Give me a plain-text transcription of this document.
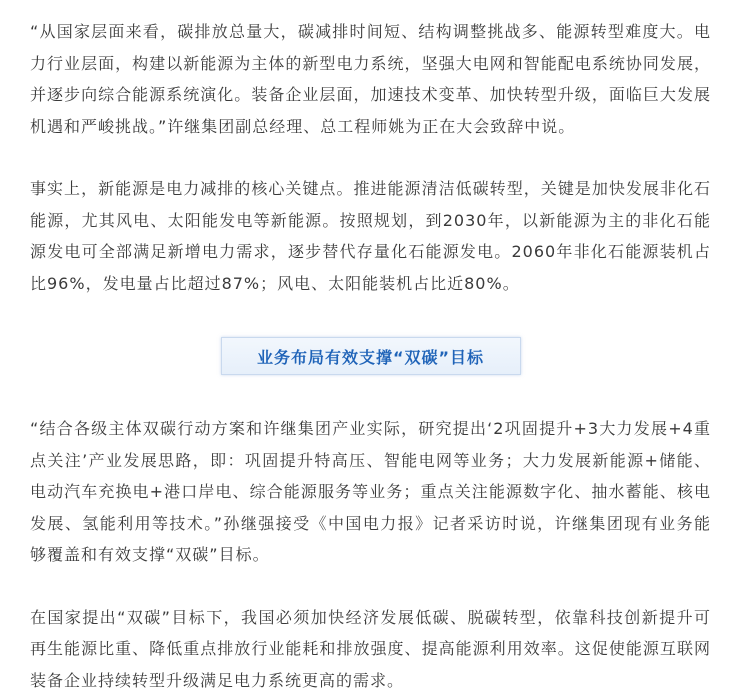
“从国家层面来看，碳排放总量大，碳减排时间短、结构调整挑战多、能源转型难度大。电力行业层面，构建以新能源为主体的新型电力系统，坚强大电网和智能配电系统协同发展，并逐步向综合能源系统演化。装备企业层面，加速技术变革、加快转型升级，面临巨大发展机遇和严峻挑战。”许继集团副总经理、总工程师姚为正在大会致辞中说。

事实上，新能源是电力减排的核心关键点。推进能源清洁低碳转型，关键是加快发展非化石能源，尤其风电、太阳能发电等新能源。按照规划，到2030年，以新能源为主的非化石能源发电可全部满足新增电力需求，逐步替代存量化石能源发电。2060年非化石能源装机占比96%，发电量占比超过87%；风电、太阳能装机占比近80%。

业务布局有效支撑“双碳”目标

“结合各级主体双碳行动方案和许继集团产业实际，研究提出‘2巩固提升+3大力发展+4重点关注’产业发展思路，即：巩固提升特高压、智能电网等业务；大力发展新能源+储能、电动汽车充换电+港口岸电、综合能源服务等业务；重点关注能源数字化、抽水蓄能、核电发展、氢能利用等技术。”孙继强接受《中国电力报》记者采访时说，许继集团现有业务能够覆盖和有效支撑“双碳”目标。

在国家提出“双碳”目标下，我国必须加快经济发展低碳、脱碳转型，依靠科技创新提升可再生能源比重、降低重点排放行业能耗和排放强度、提高能源利用效率。这促使能源互联网装备企业持续转型升级满足电力系统更高的需求。
